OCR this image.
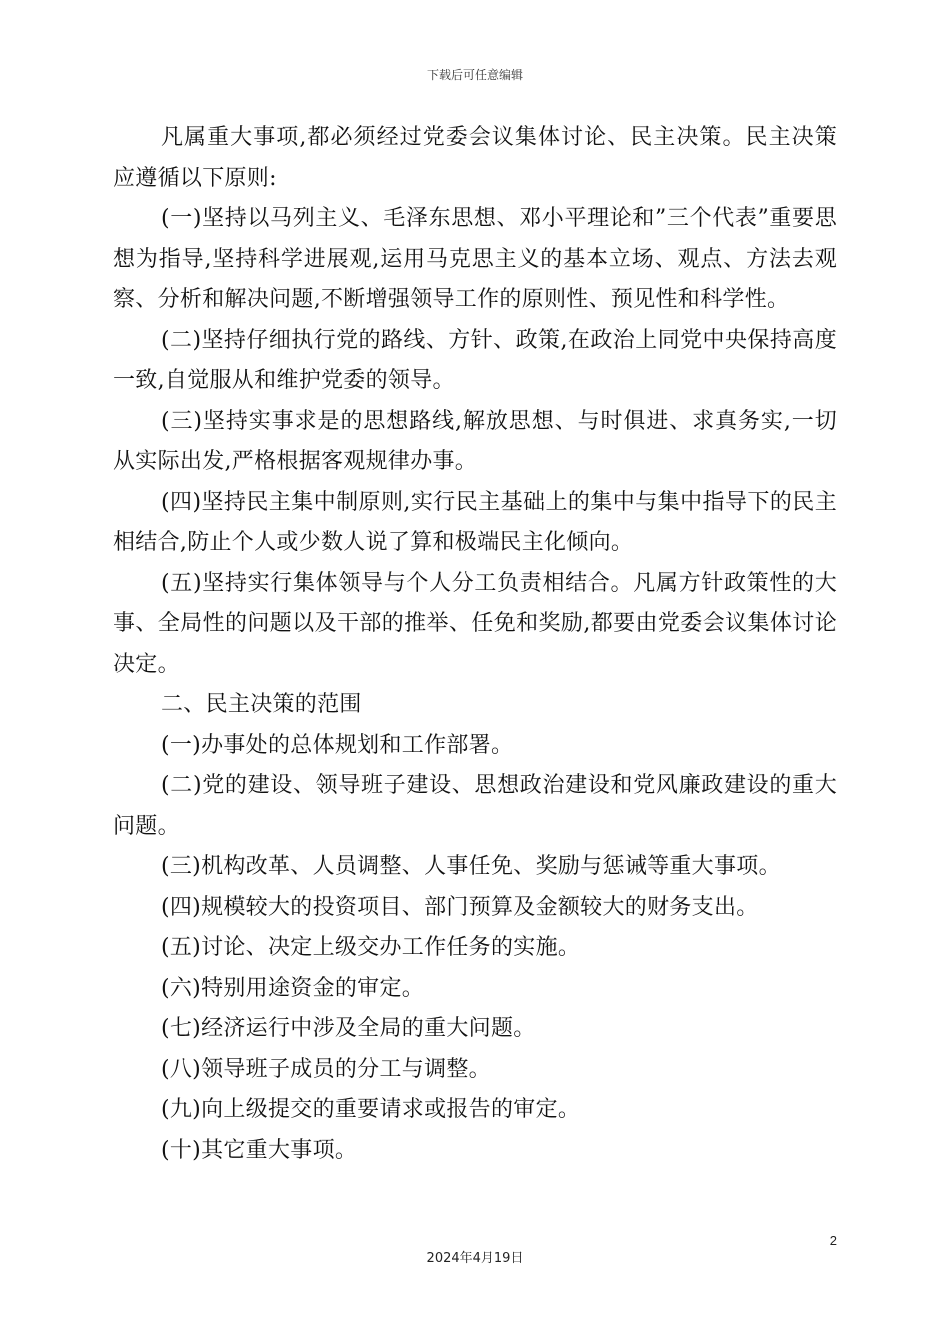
下载后可任意编辑

凡属重大事项,都必须经过党委会议集体讨论、民主决策。民主决策应遵循以下原则:

(一)坚持以马列主义、毛泽东思想、邓小平理论和”三个代表”重要思想为指导,坚持科学进展观,运用马克思主义的基本立场、观点、方法去观察、分析和解决问题,不断增强领导工作的原则性、预见性和科学性。

(二)坚持仔细执行党的路线、方针、政策,在政治上同党中央保持高度一致,自觉服从和维护党委的领导。

(三)坚持实事求是的思想路线,解放思想、与时俱进、求真务实,一切从实际出发,严格根据客观规律办事。

(四)坚持民主集中制原则,实行民主基础上的集中与集中指导下的民主相结合,防止个人或少数人说了算和极端民主化倾向。

(五)坚持实行集体领导与个人分工负责相结合。凡属方针政策性的大事、全局性的问题以及干部的推举、任免和奖励,都要由党委会议集体讨论决定。

二、民主决策的范围

(一)办事处的总体规划和工作部署。

(二)党的建设、领导班子建设、思想政治建设和党风廉政建设的重大问题。

(三)机构改革、人员调整、人事任免、奖励与惩诫等重大事项。

(四)规模较大的投资项目、部门预算及金额较大的财务支出。

(五)讨论、决定上级交办工作任务的实施。

(六)特别用途资金的审定。

(七)经济运行中涉及全局的重大问题。

(八)领导班子成员的分工与调整。

(九)向上级提交的重要请求或报告的审定。

(十)其它重大事项。

2
2024年4月19日
